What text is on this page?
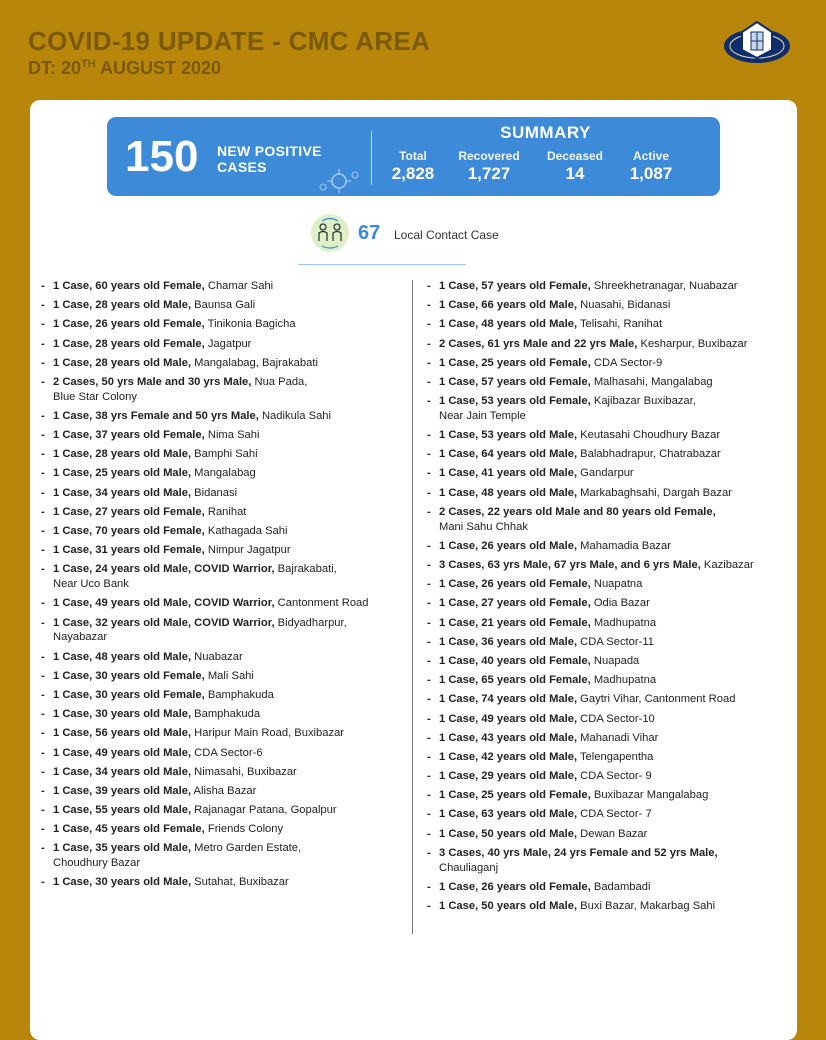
COVID-19 UPDATE - CMC AREA
DT: 20TH AUGUST 2020
150 NEW POSITIVE
CASES
SUMMARY
Total
2,828
Recovered
1,727
Deceased
14
Active
1,087
67 Local Contact Case
- 1 Case, 60 years old Female, Chamar Sahi
- 1 Case, 28 years old Male, Baunsa Gali
- 1 Case, 26 years old Female, Tinikonia Bagicha
- 1 Case, 28 years old Female, Jagatpur
- 1 Case, 28 years old Male, Mangalabag, Bajrakabati
- 2 Cases, 50 yrs Male and 30 yrs Male, Nua Pada,
Blue Star Colony
- 1 Case, 38 yrs Female and 50 yrs Male, Nadikula Sahi
- 1 Case, 37 years old Female, Nima Sahi
- 1 Case, 28 years old Male, Bamphi Sahi
- 1 Case, 25 years old Male, Mangalabag
- 1 Case, 34 years old Male, Bidanasi
- 1 Case, 27 years old Female, Ranihat
- 1 Case, 70 years old Female, Kathagada Sahi
- 1 Case, 31 years old Female, Nimpur Jagatpur
- 1 Case, 24 years old Male, COVID Warrior, Bajrakabati,
Near Uco Bank
- 1 Case, 49 years old Male, COVID Warrior, Cantonment Road
- 1 Case, 32 years old Male, COVID Warrior, Bidyadharpur,
Nayabazar
- 1 Case, 48 years old Male, Nuabazar
- 1 Case, 30 years old Female, Mali Sahi
- 1 Case, 30 years old Female, Bamphakuda
- 1 Case, 30 years old Male, Bamphakuda
- 1 Case, 56 years old Male, Haripur Main Road, Buxibazar
- 1 Case, 49 years old Male, CDA Sector-6
- 1 Case, 34 years old Male, Nimasahi, Buxibazar
- 1 Case, 39 years old Male, Alisha Bazar
- 1 Case, 55 years old Male, Rajanagar Patana, Gopalpur
- 1 Case, 45 years old Female, Friends Colony
- 1 Case, 35 years old Male, Metro Garden Estate,
Choudhury Bazar
- 1 Case, 30 years old Male, Sutahat, Buxibazar
- 1 Case, 57 years old Female, Shreekhetranagar, Nuabazar
- 1 Case, 66 years old Male, Nuasahi, Bidanasi
- 1 Case, 48 years old Male, Telisahi, Ranihat
- 2 Cases, 61 yrs Male and 22 yrs Male, Kesharpur, Buxibazar
- 1 Case, 25 years old Female, CDA Sector-9
- 1 Case, 57 years old Female, Malhasahi, Mangalabag
- 1 Case, 53 years old Female, Kajibazar Buxibazar,
Near Jain Temple
- 1 Case, 53 years old Male, Keutasahi Choudhury Bazar
- 1 Case, 64 years old Male, Balabhadrapur, Chatrabazar
- 1 Case, 41 years old Male, Gandarpur
- 1 Case, 48 years old Male, Markabaghsahi, Dargah Bazar
- 2 Cases, 22 years old Male and 80 years old Female,
Mani Sahu Chhak
- 1 Case, 26 years old Male, Mahamadia Bazar
- 3 Cases, 63 yrs Male, 67 yrs Male, and 6 yrs Male, Kazibazar
- 1 Case, 26 years old Female, Nuapatna
- 1 Case, 27 years old Female, Odia Bazar
- 1 Case, 21 years old Female, Madhupatna
- 1 Case, 36 years old Male, CDA Sector-11
- 1 Case, 40 years old Female, Nuapada
- 1 Case, 65 years old Female, Madhupatna
- 1 Case, 74 years old Male, Gaytri Vihar, Cantonment Road
- 1 Case, 49 years old Male, CDA Sector-10
- 1 Case, 43 years old Male, Mahanadi Vihar
- 1 Case, 42 years old Male, Telengapentha
- 1 Case, 29 years old Male, CDA Sector- 9
- 1 Case, 25 years old Female, Buxibazar Mangalabag
- 1 Case, 63 years old Male, CDA Sector- 7
- 1 Case, 50 years old Male, Dewan Bazar
- 3 Cases, 40 yrs Male, 24 yrs Female and 52 yrs Male,
Chauliaganj
- 1 Case, 26 years old Female, Badambadi
- 1 Case, 50 years old Male, Buxi Bazar, Makarbag Sahi
